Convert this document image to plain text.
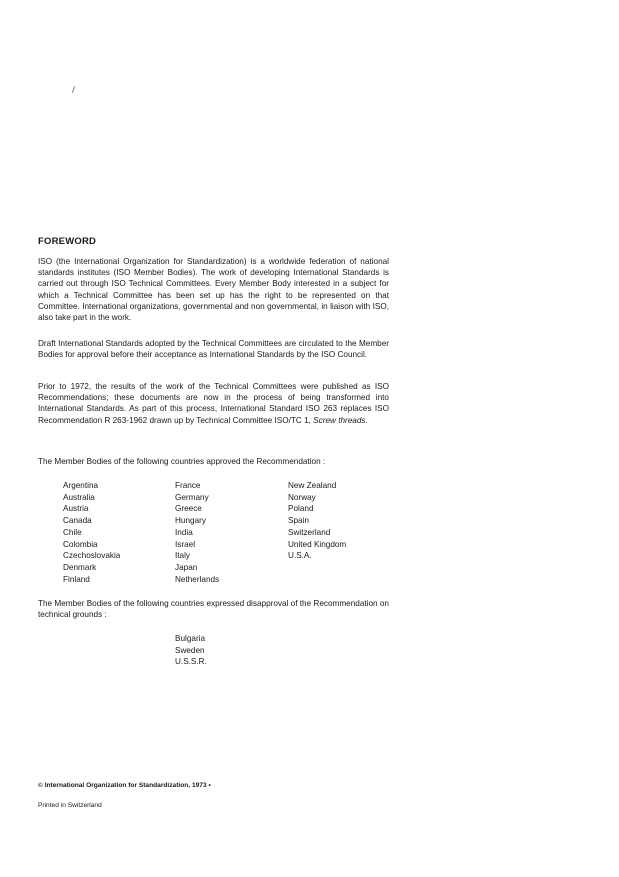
FOREWORD

ISO (the International Organization for Standardization) is a worldwide federation of national standards institutes (ISO Member Bodies). The work of developing International Standards is carried out through ISO Technical Committees. Every Member Body interested in a subject for which a Technical Committee has been set up has the right to be represented on that Committee. International organizations, governmental and non governmental, in liaison with ISO, also take part in the work.

Draft International Standards adopted by the Technical Committees are circulated to the Member Bodies for approval before their acceptance as International Standards by the ISO Council.

Prior to 1972, the results of the work of the Technical Committees were published as ISO Recommendations; these documents are now in the process of being transformed into International Standards. As part of this process, International Standard ISO 263 replaces ISO Recommendation R 263-1962 drawn up by Technical Committee ISO/TC 1, Screw threads.

The Member Bodies of the following countries approved the Recommendation :

Argentina
Australia
Austria
Canada
Chile
Colombia
Czechoslovakia
Denmark
Finland
France
Germany
Greece
Hungary
India
Israel
Italy
Japan
Netherlands
New Zealand
Norway
Poland
Spain
Switzerland
United Kingdom
U.S.A.

The Member Bodies of the following countries expressed disapproval of the Recommendation on technical grounds :

Bulgaria
Sweden
U.S.S.R.

© International Organization for Standardization, 1973 •

Printed in Switzerland
